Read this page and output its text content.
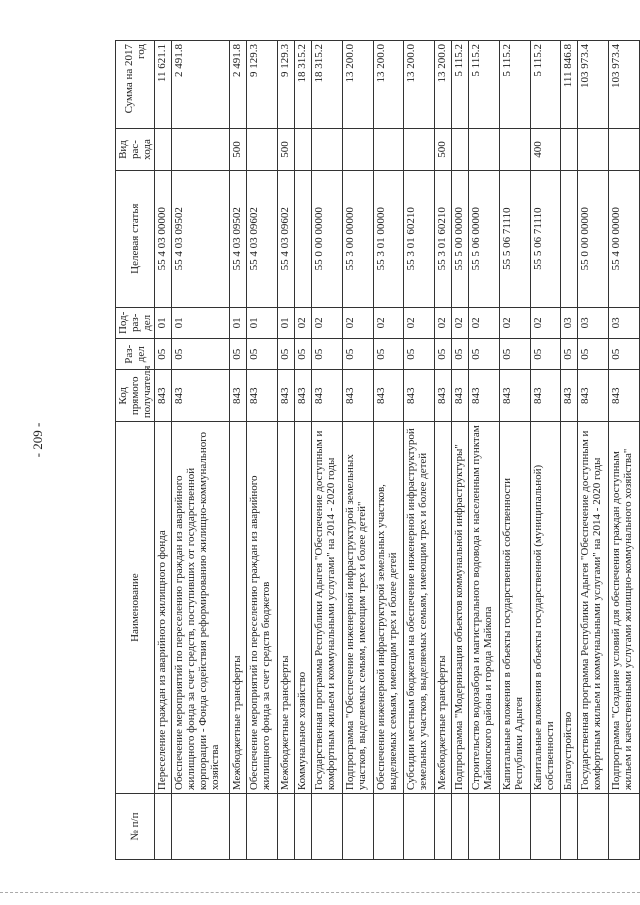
- 209 -
№ п/п	Наименование	Код прямого получателя	Раз-дел	Под-раз-дел	Целевая статья	Вид рас-хода	Сумма на 2017 год
	Переселение граждан из аварийного жилищного фонда	843	05	01	55 4 03 00000		11 621.1
	Обеспечение мероприятий по переселению граждан из аварийного жилищного фонда за счет средств, поступивших от государственной корпорации - Фонда содействия реформированию жилищно-коммунального хозяйства	843	05	01	55 4 03 09502		2 491.8
	Межбюджетные трансферты	843	05	01	55 4 03 09502	500	2 491.8
	Обеспечение мероприятий по переселению граждан из аварийного жилищного фонда за счет средств бюджетов	843	05	01	55 4 03 09602		9 129.3
	Межбюджетные трансферты	843	05	01	55 4 03 09602	500	9 129.3
	Коммунальное хозяйство	843	05	02			18 315.2
	Государственная программа Республики Адыгея "Обеспечение доступным и комфортным жильем и коммунальными услугами" на 2014 - 2020 годы	843	05	02	55 0 00 00000		18 315.2
	Подпрограмма "Обеспечение инженерной инфраструктурой земельных участков, выделяемых семьям, имеющим трех и более детей"	843	05	02	55 3 00 00000		13 200.0
	Обеспечение инженерной инфраструктурой земельных участков, выделяемых семьям, имеющим трех и более детей	843	05	02	55 3 01 00000		13 200.0
	Субсидии местным бюджетам на обеспечение инженерной инфраструктурой земельных участков, выделяемых семьям, имеющим трех и более детей	843	05	02	55 3 01 60210		13 200.0
	Межбюджетные трансферты	843	05	02	55 3 01 60210	500	13 200.0
	Подпрограмма "Модернизация объектов коммунальной инфраструктуры"	843	05	02	55 5 00 00000		5 115.2
	Строительство водозабора и магистрального водовода к населенным пунктам Майкопского района и города Майкопа	843	05	02	55 5 06 00000		5 115.2
	Капитальные вложения в объекты государственной собственности Республики Адыгея	843	05	02	55 5 06 71110		5 115.2
	Капитальные вложения в объекты государственной (муниципальной) собственности	843	05	02	55 5 06 71110	400	5 115.2
	Благоустройство	843	05	03			111 846.8
	Государственная программа Республики Адыгея "Обеспечение доступным и комфортным жильем и коммунальными услугами" на 2014 - 2020 годы	843	05	03	55 0 00 00000		103 973.4
	Подпрограмма "Создание условий для обеспечения граждан доступным жильем и качественными услугами жилищно-коммунального хозяйства"	843	05	03	55 4 00 00000		103 973.4
